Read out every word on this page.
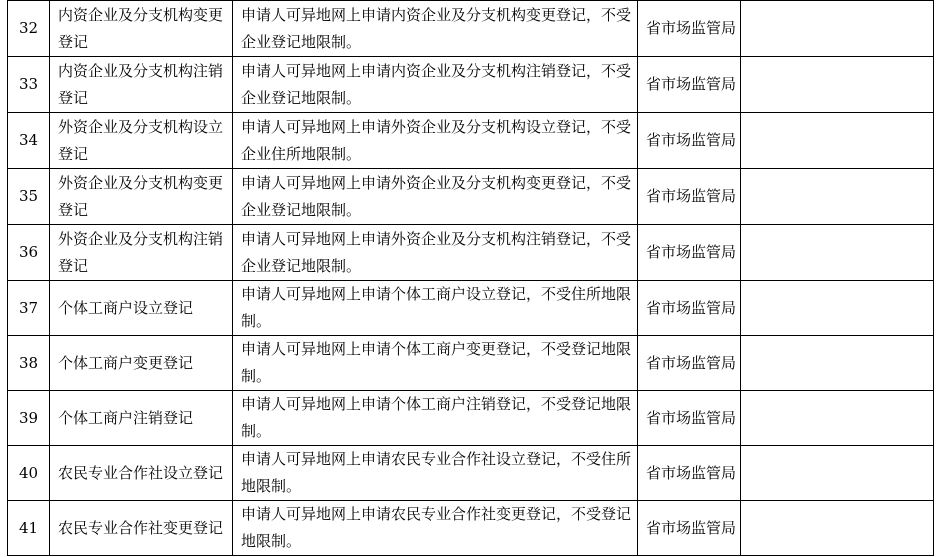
32	内资企业及分支机构变更登记	申请人可异地网上申请内资企业及分支机构变更登记，不受企业登记地限制。	省市场监管局	
33	内资企业及分支机构注销登记	申请人可异地网上申请内资企业及分支机构注销登记，不受企业登记地限制。	省市场监管局	
34	外资企业及分支机构设立登记	申请人可异地网上申请外资企业及分支机构设立登记，不受企业住所地限制。	省市场监管局	
35	外资企业及分支机构变更登记	申请人可异地网上申请外资企业及分支机构变更登记，不受企业登记地限制。	省市场监管局	
36	外资企业及分支机构注销登记	申请人可异地网上申请外资企业及分支机构注销登记，不受企业登记地限制。	省市场监管局	
37	个体工商户设立登记	申请人可异地网上申请个体工商户设立登记，不受住所地限制。	省市场监管局	
38	个体工商户变更登记	申请人可异地网上申请个体工商户变更登记，不受登记地限制。	省市场监管局	
39	个体工商户注销登记	申请人可异地网上申请个体工商户注销登记，不受登记地限制。	省市场监管局	
40	农民专业合作社设立登记	申请人可异地网上申请农民专业合作社设立登记，不受住所地限制。	省市场监管局	
41	农民专业合作社变更登记	申请人可异地网上申请农民专业合作社变更登记，不受登记地限制。	省市场监管局	
